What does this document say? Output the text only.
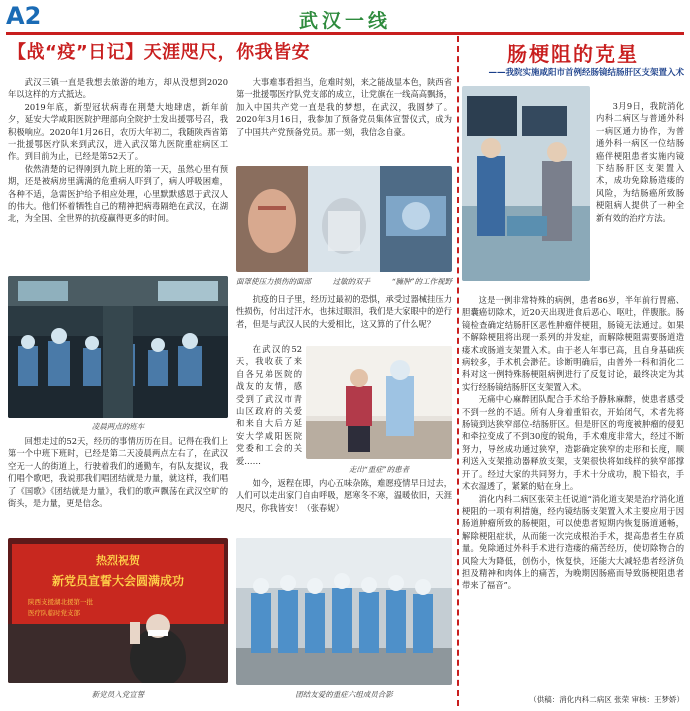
A2	武汉一线
【战“疫”日记】天涯咫尺，你我皆安

武汉三镇一直是我想去旅游的地方，却从没想到2020年以这样的方式抵达。

2019年底，新型冠状病毒在荆楚大地肆虐，新年前夕，延安大学咸阳医院护理部向全院护士发出援鄂号召，我积极响应。2020年1月26日，农历大年初二，我随陕西省第一批援鄂医疗队来到武汉，进入武汉第九医院重症病区工作。到目前为止，已经是第52天了。

依然清楚的记得刚到九院上班的第一天，虽然心里有预期，还是被病房里满满的危重病人吓到了，病人呼吸困难，各种不适，急需医护给予相应处理，心里默默感恩于武汉人的伟大。他们怀着牺牲自己的精神把病毒隔绝在武汉，在湖北，为全国、全世界的抗疫赢得更多的时间。

凌晨两点的班车

回想走过的52天，经历的事情历历在目。记得在我们上第一个中班下班时，已经是第二天凌晨两点左右了，在武汉空无一人的街道上，行驶着我们的通勤车，有队友提议，我们唱个歌吧，我说那我们唱团结就是力量，就这样，我们唱了《国歌》《团结就是力量》，我们的歌声飘荡在武汉空旷的街头，是力量，更是信念。

热烈祝贺
新党员宣誓大会圆满成功
陕西支援湖北援第一批
医疗队临时党支部
新党员入党宣誓

大事难事看担当，危难时刻，来之能战显本色，陕西省第一批援鄂医疗队党支部的成立，让党旗在一线高高飘扬，加入中国共产党一直是我的梦想，在武汉，我圆梦了。2020年3月16日，我参加了预备党员集体宣誓仪式，成为了中国共产党预备党员。那一刻，我信念自豪。

面罩使压力损伤的面部	过敏的双手	“臃肿”的工作视野

抗疫的日子里，经历过最初的恐惧，承受过器械挂压力性损伤，付出过汗水，也抹过眼泪，我们是大家眼中的逆行者，但是与武汉人民的大爱相比，这又算的了什么呢？

在武汉的52天，我收获了来自各兄弟医院的战友的友情，感受到了武汉市青山区政府的关爱和来自大后方延安大学咸阳医院党委和工会的关爱……

走出“重症”的患者

如今，返程在即，内心五味杂陈，难愿疫情早日过去，人们可以走出家门自由呼吸，愿寒冬不寒，温暖依旧，天涯咫尺，你我皆安！（张春妮）

团结友爱的重症六组成员合影
肠梗阻的克星
——我院实施咸阳市首例经肠镜结肠肝区支架置入术

3月9日，我院消化内科二病区与普通外科一病区通力协作，为普通外科一病区一位结肠癌伴梗阻患者实施内镜下结肠肝区支架置入术，成功免除肠造瘘的风险，为结肠癌所致肠梗阻病人提供了一种全新有效的治疗方法。

这是一例非常特殊的病例，患者86岁，半年前行胃癌、胆囊癌切除术，近20天出现进食后恶心、呕吐，伴腹胀。肠镜检查确定结肠肝区恶性肿瘤伴梗阻，肠镜无法通过。如果不解除梗阻将出现一系列的并发症，而解除梗阻需要肠道造瘘术或肠道支架置入术。由于老人年事已高，且自身基础疾病较多，手术机会渺茫。诊断明确后，由普外一科和消化二科对这一例特殊肠梗阻病例进行了反复讨论，最终决定为其实行经肠镜结肠肝区支架置入术。

无痛中心麻醉团队配合手术给予静脉麻醉，使患者感受不到一丝的不适。所有人身着重铅衣，开始闭气，术者先将肠镜到达狭窄部位-结肠肝区。但是肝区的弯度被肿瘤的侵犯和牵拉变成了不到30度的锐角，手术难度非常大，经过不断努力，导丝成功通过狭窄，造影确定狭窄的走形和长度，顺利送入支架推动器释放支架，支架很快将如线样的狭窄部撑开了。经过大家的共同努力，手术十分成功，脱下铅衣，手术衣湿透了，紧紧的贴在身上。

消化内科二病区张荣主任说道“消化道支架是治疗消化道梗阻的一项有利措施，经内镜结肠支架置入术主要应用于因肠道肿瘤所致的肠梗阻，可以使患者短期内恢复肠道通畅，解除梗阻症状，从而能一次完成根治手术，提高患者生存质量。免除通过外科手术进行造瘘的痛苦经历，使切除物合的风险大为降低，创伤小，恢复快，还能大大减轻患者经济负担及精神和肉体上的痛苦，为晚期因肠癌而导致肠梗阻患者带来了福音”。

（供稿：消化内科二病区 张荣 审核：王梦娇）
